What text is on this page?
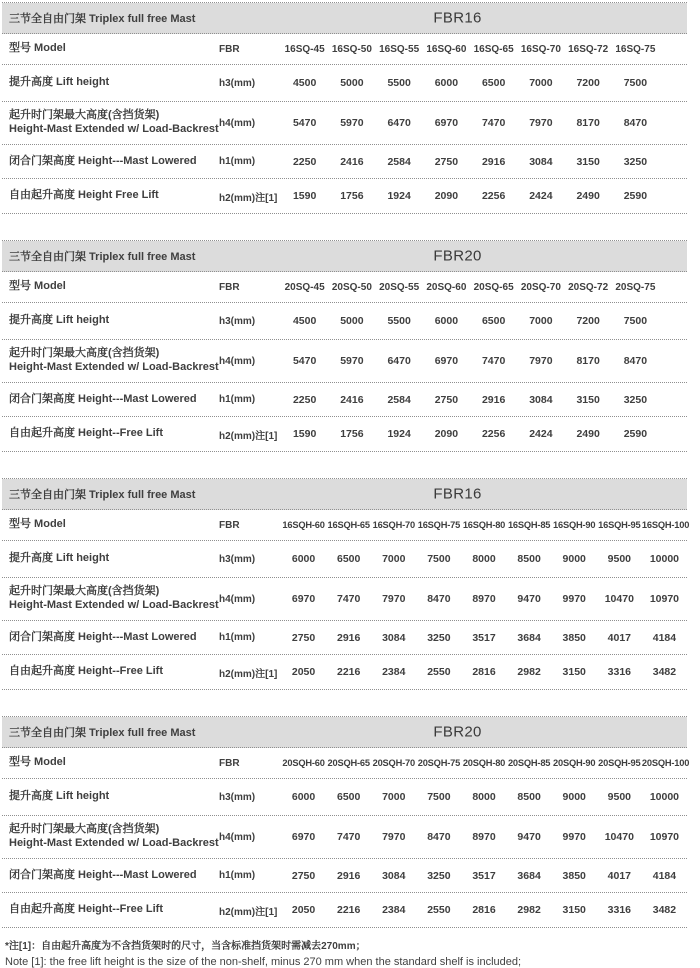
三节全自由门架 Triplex full free Mast	FBR16
型号 Model	FBR	16SQ-45 16SQ-50 16SQ-55 16SQ-60 16SQ-65 16SQ-70 16SQ-72 16SQ-75
提升高度 Lift height	h3(mm)	4500	5000	5500	6000	6500	7000	7200	7500
起升时门架最大高度(含挡货架)
Height-Mast Extended w/ Load-Backrest h4(mm)	5470	5970	6470	6970	7470	7970	8170	8470
闭合门架高度 Height---Mast Lowered	h1(mm)	2250	2416	2584	2750	2916	3084	3150	3250
自由起升高度 Height Free Lift	h2(mm)注[1]	1590	1756	1924	2090	2256	2424	2490	2590
三节全自由门架 Triplex full free Mast	FBR20
型号 Model	FBR	20SQ-45 20SQ-50 20SQ-55 20SQ-60 20SQ-65 20SQ-70 20SQ-72 20SQ-75
提升高度 Lift height	h3(mm)	4500	5000	5500	6000	6500	7000	7200	7500
起升时门架最大高度(含挡货架)
Height-Mast Extended w/ Load-Backrest h4(mm)	5470	5970	6470	6970	7470	7970	8170	8470
闭合门架高度 Height---Mast Lowered	h1(mm)	2250	2416	2584	2750	2916	3084	3150	3250
自由起升高度 Height--Free Lift	h2(mm)注[1]	1590	1756	1924	2090	2256	2424	2490	2590
三节全自由门架 Triplex full free Mast	FBR16
型号 Model	FBR	16SQH-60 16SQH-65 16SQH-70 16SQH-75 16SQH-80 16SQH-85 16SQH-90 16SQH-95 16SQH-100
提升高度 Lift height	h3(mm)	6000	6500	7000	7500	8000	8500	9000	9500	10000
起升时门架最大高度(含挡货架)
Height-Mast Extended w/ Load-Backrest h4(mm)	6970	7470	7970	8470	8970	9470	9970	10470	10970
闭合门架高度 Height---Mast Lowered	h1(mm)	2750	2916	3084	3250	3517	3684	3850	4017	4184
自由起升高度 Height--Free Lift	h2(mm)注[1]	2050	2216	2384	2550	2816	2982	3150	3316	3482
三节全自由门架 Triplex full free Mast	FBR20
型号 Model	FBR	20SQH-60 20SQH-65 20SQH-70 20SQH-75 20SQH-80 20SQH-85 20SQH-90 20SQH-95 20SQH-100
提升高度 Lift height	h3(mm)	6000	6500	7000	7500	8000	8500	9000	9500	10000
起升时门架最大高度(含挡货架)
Height-Mast Extended w/ Load-Backrest h4(mm)	6970	7470	7970	8470	8970	9470	9970	10470	10970
闭合门架高度 Height---Mast Lowered	h1(mm)	2750	2916	3084	3250	3517	3684	3850	4017	4184
自由起升高度 Height--Free Lift	h2(mm)注[1]	2050	2216	2384	2550	2816	2982	3150	3316	3482
*注[1]：自由起升高度为不含挡货架时的尺寸，当含标准挡货架时需减去270mm；
Note [1]: the free lift height is the size of the non-shelf, minus 270 mm when the standard shelf is included;
